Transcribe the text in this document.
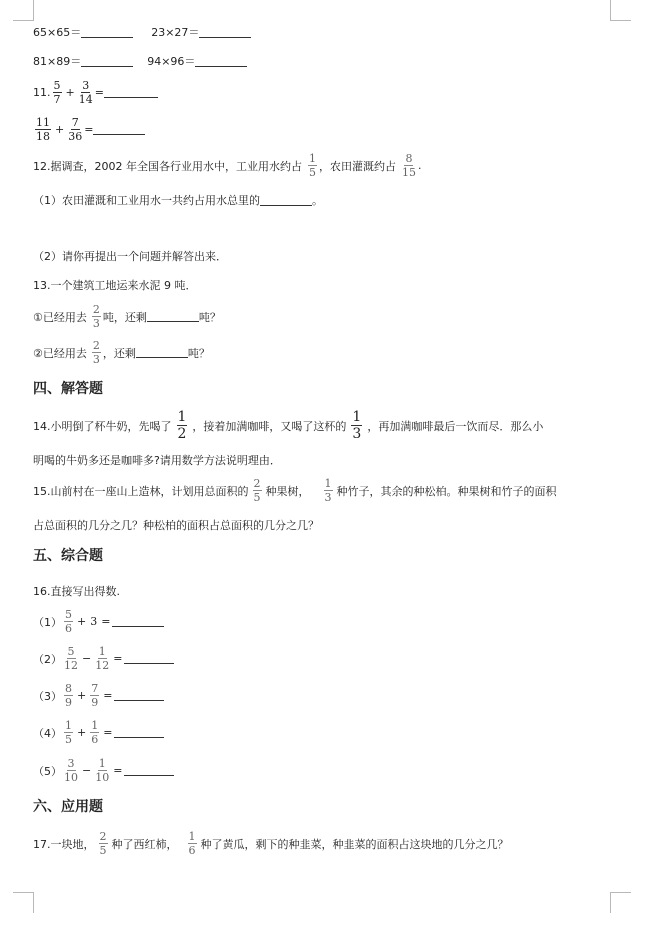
65×65＝	23×27＝
81×89＝	94×96＝
11.
5
7
+ $\frac{3}{14}$ =
11
18
+ $\frac{7}{36}$ =
12.据调查，2002 年全国各行业用水中，工业用水约占
1
5 ，农田灌溉约占
8
15
.
（1）农田灌溉和工业用水一共约占用水总里的	。
（2）请你再提出一个问题并解答出来．
13.一个建筑工地运来水泥 9 吨．
①已经用去
2
3 吨，还剩	吨？
②已经用去
2
3 ，还剩	吨？
四、解答题
14.小明倒了杯牛奶，先喝了
1
2 ，接着加满咖啡，又喝了这杯的
1
3 ，再加满咖啡最后一饮而尽．那么小
明喝的牛奶多还是咖啡多?请用数学方法说明理由．
15.山前村在一座山上造林，计划用总面积的
2
5 种果树，
1
3 种竹子，其余的种松柏。种果树和竹子的面积
占总面积的几分之几？种松柏的面积占总面积的几分之几？
五、综合题
16.直接写出得数.
（1）
5
6
+ 3 =
（2）
5
12
− $\frac{1}{12}$ =
（3）
8
9
+ $\frac{7}{9}$ =
（4）
1
5
+ $\frac{1}{6}$ =
（5）
3
10
− $\frac{1}{10}$ =
六、应用题
17.一块地，
2
5 种了西红柿，
1
6 种了黄瓜，剩下的种韭菜，种韭菜的面积占这块地的几分之几？
